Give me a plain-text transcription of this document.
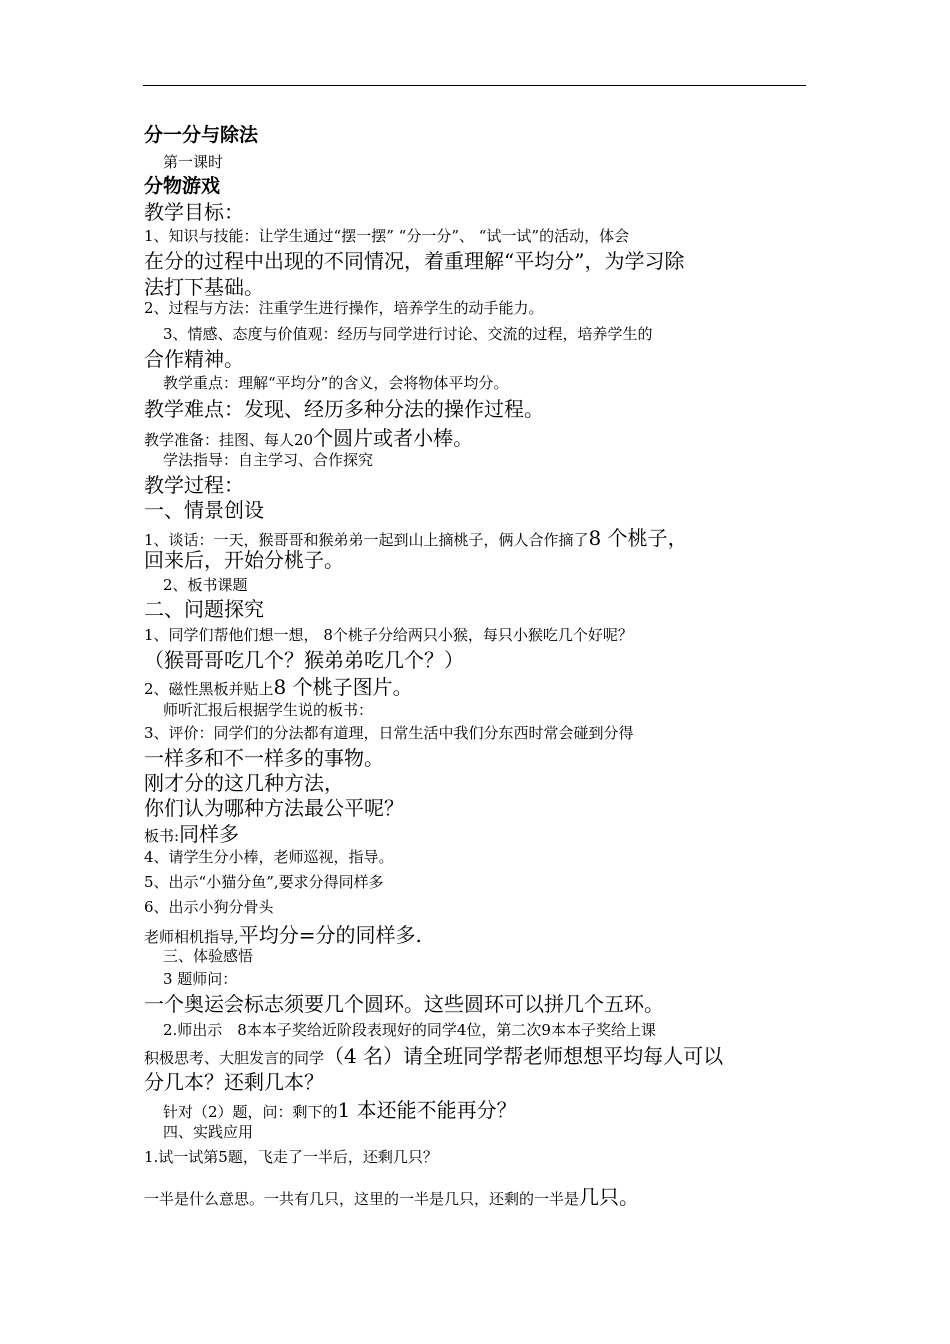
分一分与除法
第一课时
分物游戏
教学目标：
1、知识与技能：让学生通过“摆一摆” “分一分”、 “试一试”的活动，体会
在分的过程中出现的不同情况，着重理解“平均分”，为学习除
法打下基础。
2、过程与方法：注重学生进行操作，培养学生的动手能力。
3、情感、态度与价值观：经历与同学进行讨论、交流的过程，培养学生的
合作精神。
教学重点：理解“平均分”的含义，会将物体平均分。
教学难点：发现、经历多种分法的操作过程。
教学准备：挂图、每人20个圆片或者小棒。
学法指导：自主学习、合作探究
教学过程：
一、情景创设
1、谈话：一天，猴哥哥和猴弟弟一起到山上摘桃子，俩人合作摘了8 个桃子，
回来后，开始分桃子。
2、板书课题
二、问题探究
1、同学们帮他们想一想， 8个桃子分给两只小猴，每只小猴吃几个好呢？
（猴哥哥吃几个？猴弟弟吃几个？）
2、磁性黑板并贴上8 个桃子图片。
师听汇报后根据学生说的板书：
3、评价：同学们的分法都有道理，日常生活中我们分东西时常会碰到分得
一样多和不一样多的事物。
刚才分的这几种方法，
你们认为哪种方法最公平呢？
板书:同样多
4、请学生分小棒，老师巡视，指导。
5、出示“小猫分鱼”,要求分得同样多
6、出示小狗分骨头
老师相机指导,平均分=分的同样多.
三、体验感悟
3 题师问：
一个奥运会标志须要几个圆环。这些圆环可以拼几个五环。
2.师出示　8本本子奖给近阶段表现好的同学4位，第二次9本本子奖给上课
积极思考、大胆发言的同学（4 名）请全班同学帮老师想想平均每人可以
分几本？还剩几本？
针对（2）题，问：剩下的1 本还能不能再分？
四、实践应用
1.试一试第5题，飞走了一半后，还剩几只？
一半是什么意思。一共有几只，这里的一半是几只，还剩的一半是几只。
